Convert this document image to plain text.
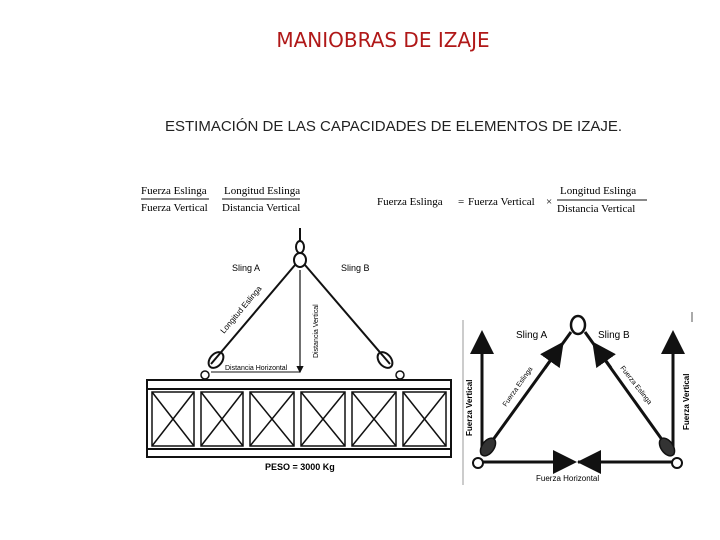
MANIOBRAS DE IZAJE
ESTIMACIÓN DE LAS CAPACIDADES DE ELEMENTOS DE IZAJE.
Fuerza Eslinga
Fuerza Vertical
Longitud Eslinga
Distancia Vertical	Fuerza Eslinga = Fuerza Vertical ×
Longitud Eslinga
Distancia Vertical
Sling A	Sling B
Longitud Eslinga	Distancia Vertical
Distancia Horizontal
PESO = 3000 Kg
Sling A	Sling B
Fuerza Vertical	Fuerza Vertical
Fuerza Eslinga	Fuerza Eslinga
Fuerza Horizontal
